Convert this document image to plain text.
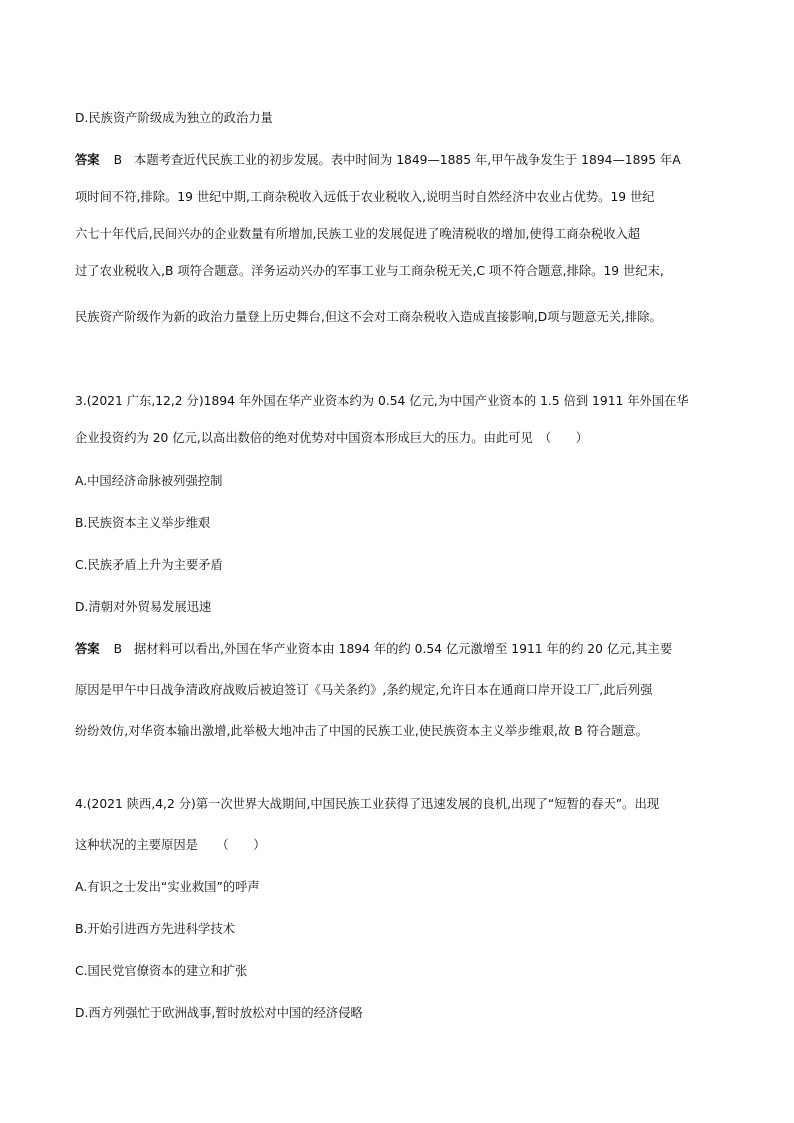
D.民族资产阶级成为独立的政治力量
答案 B 本题考查近代民族工业的初步发展。表中时间为 1849—1885 年,甲午战争发生于 1894—1895 年A
项时间不符,排除。19 世纪中期,工商杂税收入远低于农业税收入,说明当时自然经济中农业占优势。19 世纪
六七十年代后,民间兴办的企业数量有所增加,民族工业的发展促进了晚清税收的增加,使得工商杂税收入超
过了农业税收入,B 项符合题意。洋务运动兴办的军事工业与工商杂税无关,C 项不符合题意,排除。19 世纪末,
民族资产阶级作为新的政治力量登上历史舞台,但这不会对工商杂税收入造成直接影响,D项与题意无关,排除。
3.(2021 广东,12,2 分)1894 年外国在华产业资本约为 0.54 亿元,为中国产业资本的 1.5 倍到 1911 年外国在华
企业投资约为 20 亿元,以高出数倍的绝对优势对中国资本形成巨大的压力。由此可见　（　　）
A.中国经济命脉被列强控制
B.民族资本主义举步维艰
C.民族矛盾上升为主要矛盾
D.清朝对外贸易发展迅速
答案 B 据材料可以看出,外国在华产业资本由 1894 年的约 0.54 亿元激增至 1911 年的约 20 亿元,其主要
原因是甲午中日战争清政府战败后被迫签订《马关条约》,条约规定,允许日本在通商口岸开设工厂,此后列强
纷纷效仿,对华资本输出激增,此举极大地冲击了中国的民族工业,使民族资本主义举步维艰,故 B 符合题意。
4.(2021 陕西,4,2 分)第一次世界大战期间,中国民族工业获得了迅速发展的良机,出现了“短暂的春天”。出现
这种状况的主要原因是　　（　　）
A.有识之士发出“实业救国”的呼声
B.开始引进西方先进科学技术
C.国民党官僚资本的建立和扩张
D.西方列强忙于欧洲战事,暂时放松对中国的经济侵略
